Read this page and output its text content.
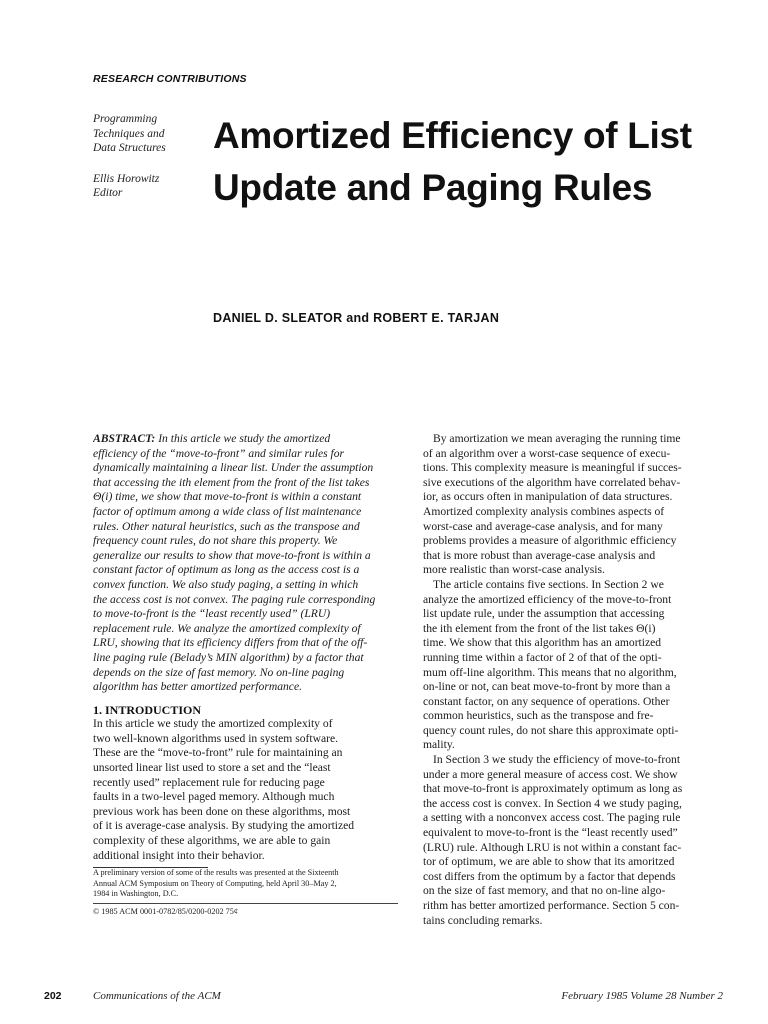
RESEARCH CONTRIBUTIONS
Programming
Techniques and
Data Structures
Ellis Horowitz
Editor
Amortized Efficiency of List
Update and Paging Rules
DANIEL D. SLEATOR and ROBERT E. TARJAN
ABSTRACT: In this article we study the amortized
efficiency of the “move-to-front” and similar rules for
dynamically maintaining a linear list. Under the assumption
that accessing the ith element from the front of the list takes
Θ(i) time, we show that move-to-front is within a constant
factor of optimum among a wide class of list maintenance
rules. Other natural heuristics, such as the transpose and
frequency count rules, do not share this property. We
generalize our results to show that move-to-front is within a
constant factor of optimum as long as the access cost is a
convex function. We also study paging, a setting in which
the access cost is not convex. The paging rule corresponding
to move-to-front is the “least recently used” (LRU)
replacement rule. We analyze the amortized complexity of
LRU, showing that its efficiency differs from that of the off-
line paging rule (Belady’s MIN algorithm) by a factor that
depends on the size of fast memory. No on-line paging
algorithm has better amortized performance.
1. INTRODUCTION
In this article we study the amortized complexity of
two well-known algorithms used in system software.
These are the “move-to-front” rule for maintaining an
unsorted linear list used to store a set and the “least
recently used” replacement rule for reducing page
faults in a two-level paged memory. Although much
previous work has been done on these algorithms, most
of it is average-case analysis. By studying the amortized
complexity of these algorithms, we are able to gain
additional insight into their behavior.
A preliminary version of some of the results was presented at the Sixteenth
Annual ACM Symposium on Theory of Computing, held April 30–May 2,
1984 in Washington, D.C.
© 1985 ACM 0001-0782/85/0200-0202 75¢
By amortization we mean averaging the running time
of an algorithm over a worst-case sequence of execu-
tions. This complexity measure is meaningful if succes-
sive executions of the algorithm have correlated behav-
ior, as occurs often in manipulation of data structures.
Amortized complexity analysis combines aspects of
worst-case and average-case analysis, and for many
problems provides a measure of algorithmic efficiency
that is more robust than average-case analysis and
more realistic than worst-case analysis.
The article contains five sections. In Section 2 we
analyze the amortized efficiency of the move-to-front
list update rule, under the assumption that accessing
the ith element from the front of the list takes Θ(i)
time. We show that this algorithm has an amortized
running time within a factor of 2 of that of the opti-
mum off-line algorithm. This means that no algorithm,
on-line or not, can beat move-to-front by more than a
constant factor, on any sequence of operations. Other
common heuristics, such as the transpose and fre-
quency count rules, do not share this approximate opti-
mality.
In Section 3 we study the efficiency of move-to-front
under a more general measure of access cost. We show
that move-to-front is approximately optimum as long as
the access cost is convex. In Section 4 we study paging,
a setting with a nonconvex access cost. The paging rule
equivalent to move-to-front is the “least recently used”
(LRU) rule. Although LRU is not within a constant fac-
tor of optimum, we are able to show that its amoritzed
cost differs from the optimum by a factor that depends
on the size of fast memory, and that no on-line algo-
rithm has better amortized performance. Section 5 con-
tains concluding remarks.
202	Communications of the ACM	February 1985 Volume 28 Number 2
